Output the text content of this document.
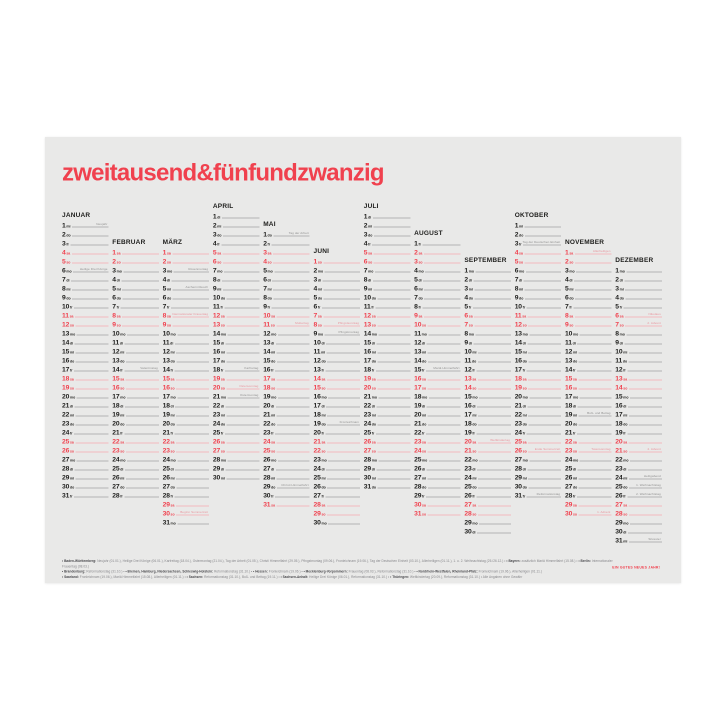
zweitausend&fünfundzwanzig
JANUAR
1 mi
Neujahr
2 do
3 fr
4 sa
5 so
6 mo
Heilige Drei Könige
7 di
8 mi
9 do
10 fr
11 sa
12 so
13 mo
14 di
15 mi
16 do
17 fr
18 sa
19 so
20 mo
21 di
22 mi
23 do
24 fr
25 sa
26 so
27 mo
28 di
29 mi
30 do
31 fr
FEBRUAR
1 sa
2 so
3 mo
4 di
5 mi
6 do
7 fr
8 sa
9 so
10 mo
11 di
12 mi
13 do
14 fr
Valentinstag
15 sa
16 so
17 mo
18 di
19 mi
20 do
21 fr
22 sa
23 so
24 mo
25 di
26 mi
27 do
28 fr
MÄRZ
1 sa
2 so
3 mo
Rosenmontag
4 di
5 mi
Aschermittwoch
6 do
7 fr
8 sa
Internationaler Frauentag
9 so
10 mo
11 di
12 mi
13 do
14 fr
15 sa
16 so
17 mo
18 di
19 mi
20 do
21 fr
22 sa
23 so
24 mo
25 di
26 mi
27 do
28 fr
29 sa
30 so
Beginn Sommerzeit
31 mo
APRIL
1 di
2 mi
3 do
4 fr
5 sa
6 so
7 mo
8 di
9 mi
10 do
11 fr
12 sa
13 so
14 mo
15 di
16 mi
17 do
18 fr
Karfreitag
19 sa
20 so
Ostersonntag
21 mo
Ostermontag
22 di
23 mi
24 do
25 fr
26 sa
27 so
28 mo
29 di
30 mi
MAI
1 do
Tag der Arbeit
2 fr
3 sa
4 so
5 mo
6 di
7 mi
8 do
9 fr
10 sa
11 so
Muttertag
12 mo
13 di
14 mi
15 do
16 fr
17 sa
18 so
19 mo
20 di
21 mi
22 do
23 fr
24 sa
25 so
26 mo
27 di
28 mi
29 do
Christi Himmelfahrt
30 fr
31 sa
JUNI
1 so
2 mo
3 di
4 mi
5 do
6 fr
7 sa
8 so
Pfingstsonntag
9 mo
Pfingstmontag
10 di
11 mi
12 do
13 fr
14 sa
15 so
16 mo
17 di
18 mi
19 do
Fronleichnam
20 fr
21 sa
22 so
23 mo
24 di
25 mi
26 do
27 fr
28 sa
29 so
30 mo
JULI
1 di
2 mi
3 do
4 fr
5 sa
6 so
7 mo
8 di
9 mi
10 do
11 fr
12 sa
13 so
14 mo
15 di
16 mi
17 do
18 fr
19 sa
20 so
21 mo
22 di
23 mi
24 do
25 fr
26 sa
27 so
28 mo
29 di
30 mi
31 do
AUGUST
1 fr
2 sa
3 so
4 mo
5 di
6 mi
7 do
8 fr
9 sa
10 so
11 mo
12 di
13 mi
14 do
15 fr
Mariä Himmelfahrt
16 sa
17 so
18 mo
19 di
20 mi
21 do
22 fr
23 sa
24 so
25 mo
26 di
27 mi
28 do
29 fr
30 sa
31 so
SEPTEMBER
1 mo
2 di
3 mi
4 do
5 fr
6 sa
7 so
8 mo
9 di
10 mi
11 do
12 fr
13 sa
14 so
15 mo
16 di
17 mi
18 do
19 fr
20 sa
Weltkindertag
21 so
22 mo
23 di
24 mi
25 do
26 fr
27 sa
28 so
29 mo
30 di
OKTOBER
1 mi
2 do
3 fr
Tag der Deutschen Einheit
4 sa
5 so
6 mo
7 di
8 mi
9 do
10 fr
11 sa
12 so
13 mo
14 di
15 mi
16 do
17 fr
18 sa
19 so
20 mo
21 di
22 mi
23 do
24 fr
25 sa
26 so
Ende Sommerzeit
27 mo
28 di
29 mi
30 do
31 fr
Reformationstag
NOVEMBER
1 sa
Allerheiligen
2 so
3 mo
4 di
5 mi
6 do
7 fr
8 sa
9 so
10 mo
11 di
12 mi
13 do
14 fr
15 sa
16 so
17 mo
18 di
19 mi
Buß- und Bettag
20 do
21 fr
22 sa
23 so
Totensonntag
24 mo
25 di
26 mi
27 do
28 fr
29 sa
30 so
1. Advent
DEZEMBER
1 mo
2 di
3 mi
4 do
5 fr
6 sa
Nikolaus
7 so
2. Advent
8 mo
9 di
10 mi
11 do
12 fr
13 sa
14 so
15 mo
16 di
17 mi
18 do
19 fr
20 sa
21 so
4. Advent
22 mo
23 di
24 mi
Heiligabend
25 do
1. Weihnachtstag
26 fr
2. Weihnachtstag
27 sa
28 so
29 mo
30 di
31 mi
Silvester
• Baden-Württemberg: Neujahr (01.01.), Heilige Drei Könige (06.01.), Karfreitag (18.04.), Ostermontag (21.04.), Tag der Arbeit (01.05.), Christi Himmelfahrt (29.05.), Pfingstmontag (09.06.), Fronleichnam (19.06.), Tag der Deutschen Einheit (03.10.), Allerheiligen (01.11.), 1. u. 2. Weihnachtstag (25./26.12.) • • Bayern: zusätzlich Mariä Himmelfahrt (15.08.) • • Berlin: Internationaler Frauentag (08.03.)
• Brandenburg: Reformationstag (31.10.) • • Bremen, Hamburg, Niedersachsen, Schleswig-Holstein: Reformationstag (31.10.) • • Hessen: Fronleichnam (19.06.) • • Mecklenburg-Vorpommern: Frauentag (08.03.), Reformationstag (31.10.) • • Nordrhein-Westfalen, Rheinland-Pfalz: Fronleichnam (19.06.), Allerheiligen (01.11.)
• Saarland: Fronleichnam (19.06.), Mariä Himmelfahrt (15.08.), Allerheiligen (01.11.) • • Sachsen: Reformationstag (31.10.), Buß- und Bettag (19.11.) • • Sachsen-Anhalt: Heilige Drei Könige (06.01.), Reformationstag (31.10.) • • Thüringen: Weltkindertag (20.09.), Reformationstag (31.10.) • Alle Angaben ohne Gewähr
EIN GUTES NEUES JAHR!
